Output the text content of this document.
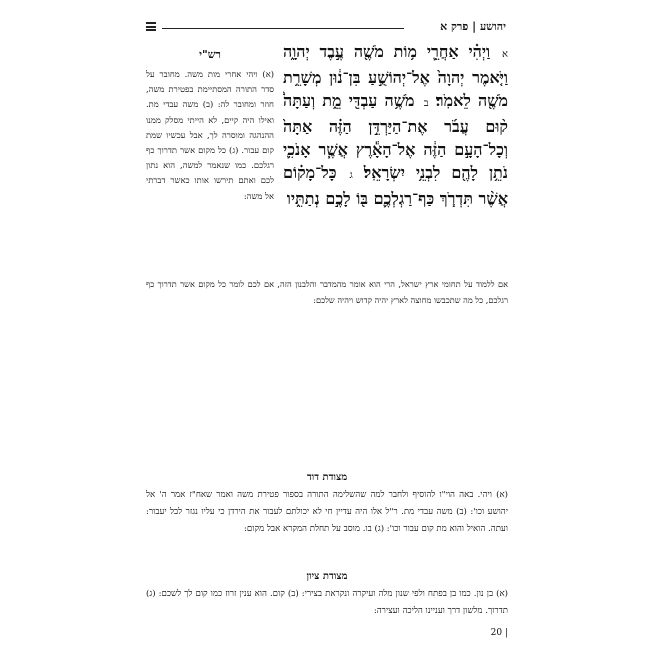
יהושע | פרק א

א וַיְהִ֗י אַחֲרֵ֛י מ֥וֹת מֹשֶׁ֖ה עֶ֣בֶד יְהוָ֑ה וַיֹּ֤אמֶר יְהוָה֙ אֶל־יְהוֹשֻׁ֣עַ בִּן־נ֔וּן מְשָׁרֵ֥ת מֹשֶׁ֖ה לֵאמֹֽר׃ ב מֹשֶׁ֥ה עַבְדִּ֖י מֵ֑ת וְעַתָּה֩ ק֨וּם עֲבֹ֜ר אֶת־הַיַּרְדֵּ֣ן הַזֶּ֗ה אַתָּה֙ וְכָל־הָעָ֣ם הַזֶּ֔ה אֶל־הָאָ֕רֶץ אֲשֶׁ֧ר אָנֹכִ֛י נֹתֵ֥ן לָהֶ֖ם לִבְנֵ֥י יִשְׂרָאֵֽל׃ ג כָּל־מָק֗וֹם אֲשֶׁ֨ר תִּדְרֹ֧ךְ כַּף־רַגְלְכֶ֛ם בּ֖וֹ לָכֶ֣ם נְתַתִּ֑יו

רש"י
(א) ויהי אחרי מות משה. מחובר על סדר התורה המסתיימת בפטירת משה, חוזר ומחובר לה: (ב) משה עבדי מת. ואילו היה קיים, לא הייתי מסלק ממנו ההנהגה ומוסרה לך, אבל עכשיו שמת קום עבור. (ג) כל מקום אשר תדרוך כף רגלכם. כמו שנאמר למשה, הוא נתון לכם ואתם תירשו אותו כאשר דברתי אל משה:
אם ללמוד על תחומי ארץ ישראל, הרי הוא אומר מהמדבר והלבנון הזה, אם לכם לומר כל מקום אשר תדרוך כף רגלכם, כל מה שתכבשו מחוצה לארץ יהיה קדוש ויהיה שלכם:
מצודת דוד
(א) ויהי. באה הוי"ו להוסיף ולחבר למה שהשלימה התורה בספור פטירת משה ואמר שאח"ז אמר ה' אל יהושע וכו': (ב) משה עבדי מת. ר"ל אלו היה עדיין חי לא יכולתם לעבור את הירדן כי עליו נגזר לבל יעבור: ועתה. הואיל והוא מת קום עבור וכו': (ג) בו. מוסב על תחלת המקרא אבל מקום:
מצודת ציון
(א) בן נון. כמו בן בפתח ולפי שנון מלה ועיקרה ונקראת בצירי: (ב) קום. הוא ענין זרוז כמו קום לך לשכם: (ג) תדרוך. מלשון דרך ועניינו הליכה ועצירה:
| 20
